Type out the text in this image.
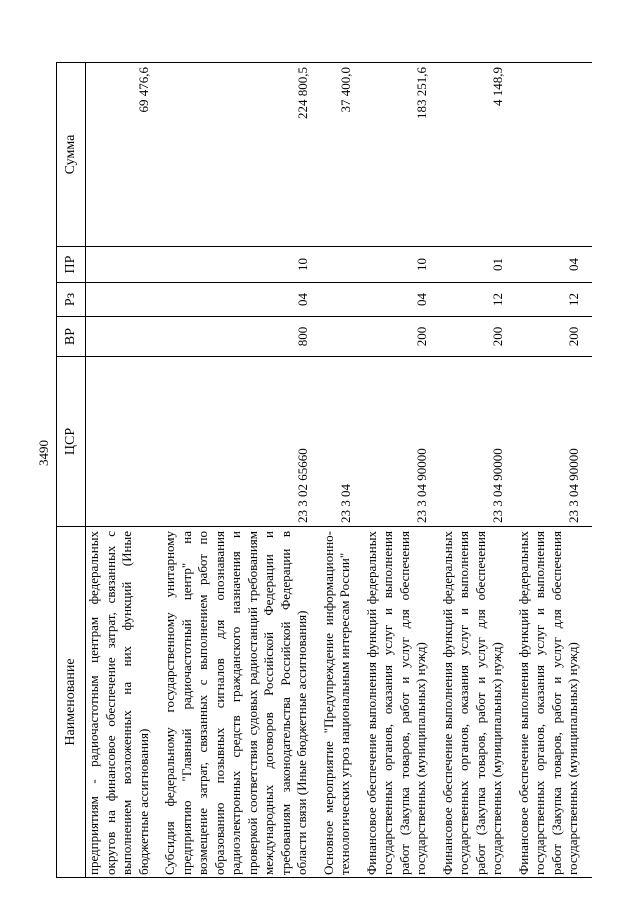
3490
Наименование	ЦСР	ВР	Рз	ПР	Сумма
предприятиям - радиочастотным центрам федеральных округов на финансовое обеспечение затрат, связанных с выполнением возложенных на них функций (Иные бюджетные ассигнования)					69 476,6
Субсидия федеральному государственному унитарному предприятию "Главный радиочастотный центр" на возмещение затрат, связанных с выполнением работ по образованию позывных сигналов для опознавания радиоэлектронных средств гражданского назначения и проверкой соответствия судовых радиостанций требованиям международных договоров Российской Федерации и требованиям законодательства Российской Федерации в области связи (Иные бюджетные ассигнования)	23 3 02 65660	800	04	10	224 800,5
Основное мероприятие "Предупреждение информационно-технологических угроз национальным интересам России"	23 3 04				37 400,0
Финансовое обеспечение выполнения функций федеральных государственных органов, оказания услуг и выполнения работ (Закупка товаров, работ и услуг для обеспечения государственных (муниципальных) нужд)	23 3 04 90000	200	04	10	183 251,6
Финансовое обеспечение выполнения функций федеральных государственных органов, оказания услуг и выполнения работ (Закупка товаров, работ и услуг для обеспечения государственных (муниципальных) нужд)	23 3 04 90000	200	12	01	4 148,9
Финансовое обеспечение выполнения функций федеральных государственных органов, оказания услуг и выполнения работ (Закупка товаров, работ и услуг для обеспечения государственных (муниципальных) нужд)	23 3 04 90000	200	12	04	
